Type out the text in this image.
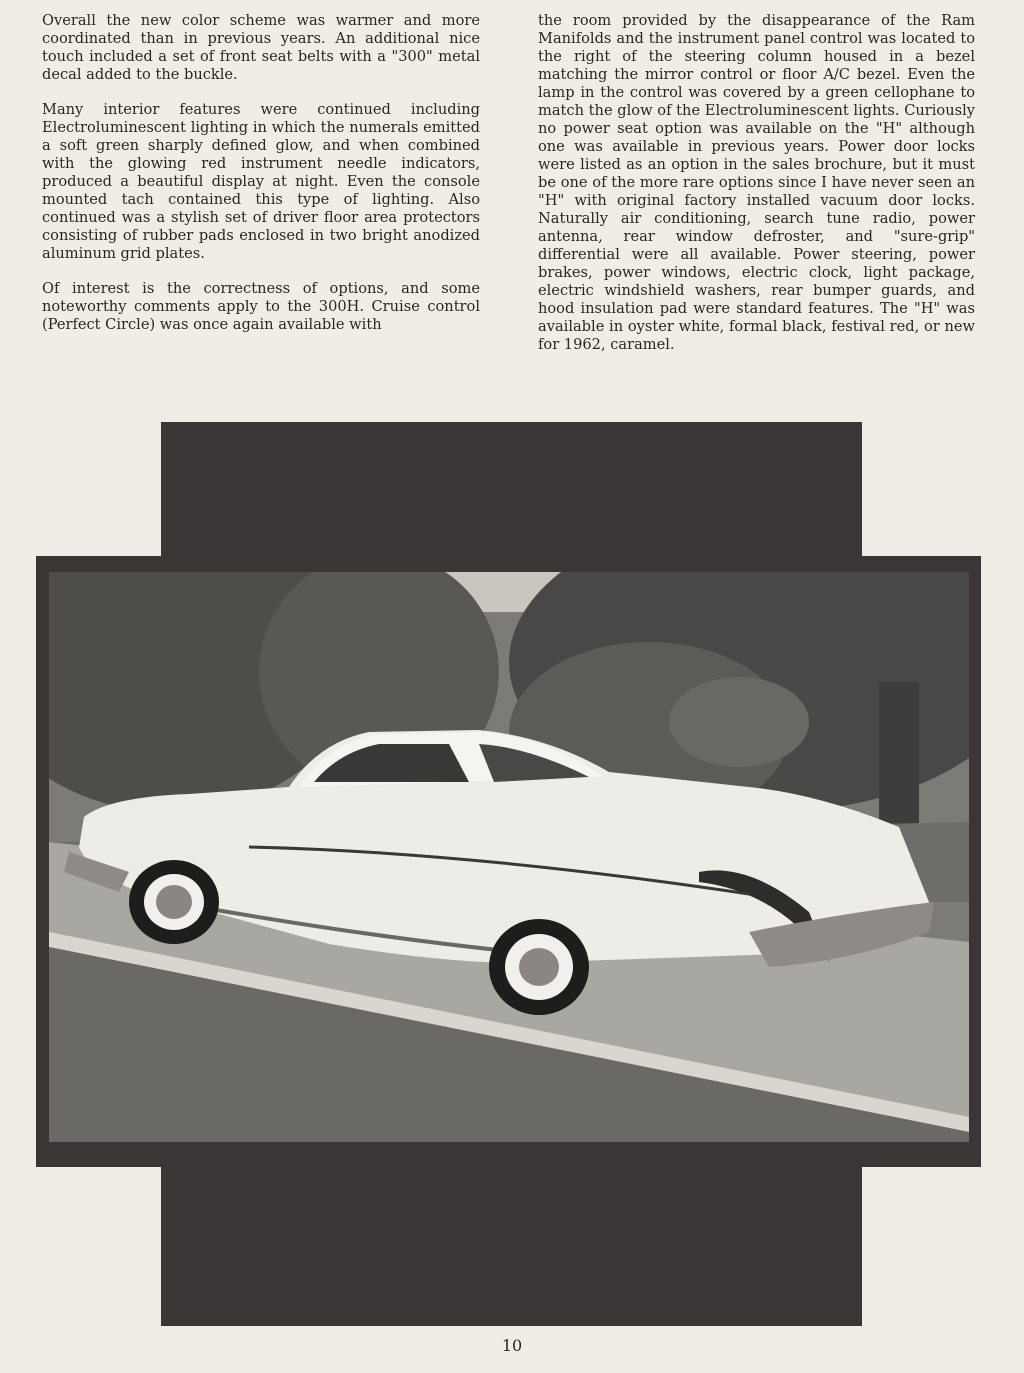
Overall the new color scheme was warmer and more coordinated than in previous years. An additional nice touch included a set of front seat belts with a "300" metal decal added to the buckle.

Many interior features were continued including Electroluminescent lighting in which the numerals emitted a soft green sharply defined glow, and when combined with the glowing red instrument needle indicators, produced a beautiful display at night. Even the console mounted tach contained this type of lighting. Also continued was a stylish set of driver floor area protectors consisting of rubber pads enclosed in two bright anodized aluminum grid plates.

Of interest is the correctness of options, and some noteworthy comments apply to the 300H. Cruise control (Perfect Circle) was once again available with

the room provided by the disappearance of the Ram Manifolds and the instrument panel control was located to the right of the steering column housed in a bezel matching the mirror control or floor A/C bezel. Even the lamp in the control was covered by a green cellophane to match the glow of the Electroluminescent lights. Curiously no power seat option was available on the "H" although one was available in previous years. Power door locks were listed as an option in the sales brochure, but it must be one of the more rare options since I have never seen an "H" with original factory installed vacuum door locks. Naturally air conditioning, search tune radio, power antenna, rear window defroster, and "sure-grip" differential were all available. Power steering, power brakes, power windows, electric clock, light package, electric windshield washers, rear bumper guards, and hood insulation pad were standard features. The "H" was available in oyster white, formal black, festival red, or new for 1962, caramel.

10
